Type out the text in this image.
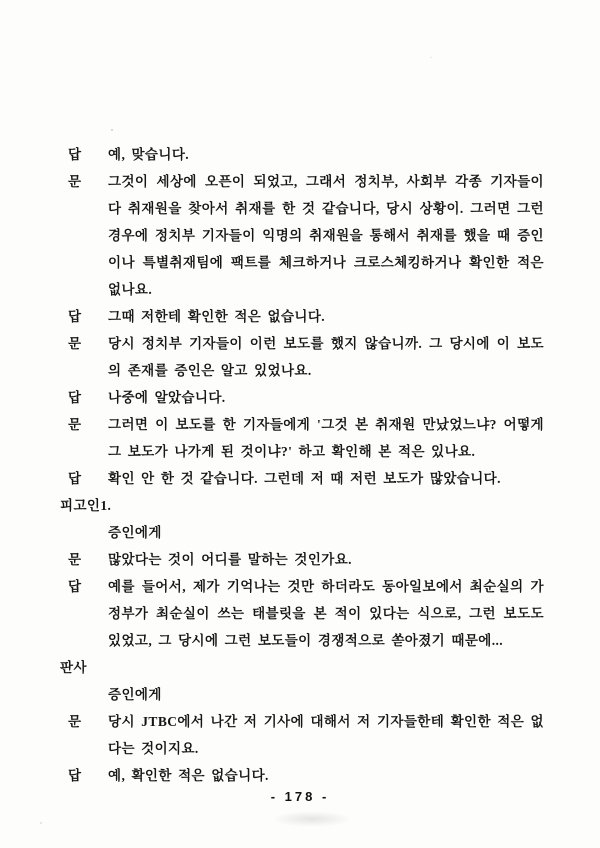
답	예, 맞습니다.
문	그것이 세상에 오픈이 되었고, 그래서 정치부, 사회부 각종 기자들이 다 취재원을 찾아서 취재를 한 것 같습니다, 당시 상황이. 그러면 그런 경우에 정치부 기자들이 익명의 취재원을 통해서 취재를 했을 때 증인이나 특별취재팀에 팩트를 체크하거나 크로스체킹하거나 확인한 적은 없나요.
답	그때 저한테 확인한 적은 없습니다.
문	당시 정치부 기자들이 이런 보도를 했지 않습니까. 그 당시에 이 보도의 존재를 증인은 알고 있었나요.
답	나중에 알았습니다.
문	그러면 이 보도를 한 기자들에게 '그것 본 취재원 만났었느냐? 어떻게 그 보도가 나가게 된 것이냐?' 하고 확인해 본 적은 있나요.
답	확인 안 한 것 같습니다. 그런데 저 때 저런 보도가 많았습니다.
피고인1.
증인에게
문	많았다는 것이 어디를 말하는 것인가요.
답	예를 들어서, 제가 기억나는 것만 하더라도 동아일보에서 최순실의 가정부가 최순실이 쓰는 태블릿을 본 적이 있다는 식으로, 그런 보도도 있었고, 그 당시에 그런 보도들이 경쟁적으로 쏟아졌기 때문에...
판사
증인에게
문	당시 JTBC에서 나간 저 기사에 대해서 저 기자들한테 확인한 적은 없다는 것이지요.
답	예, 확인한 적은 없습니다.
- 178 -
